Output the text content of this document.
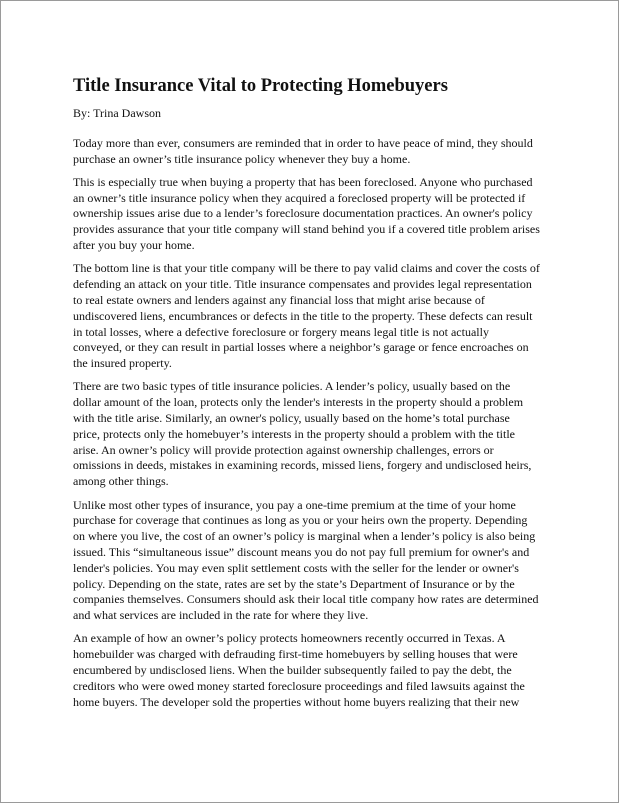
Title Insurance Vital to Protecting Homebuyers

By: Trina Dawson

Today more than ever, consumers are reminded that in order to have peace of mind, they should
purchase an owner’s title insurance policy whenever they buy a home.

This is especially true when buying a property that has been foreclosed. Anyone who purchased
an owner’s title insurance policy when they acquired a foreclosed property will be protected if
ownership issues arise due to a lender’s foreclosure documentation practices. An owner's policy
provides assurance that your title company will stand behind you if a covered title problem arises
after you buy your home.

The bottom line is that your title company will be there to pay valid claims and cover the costs of
defending an attack on your title. Title insurance compensates and provides legal representation
to real estate owners and lenders against any financial loss that might arise because of
undiscovered liens, encumbrances or defects in the title to the property. These defects can result
in total losses, where a defective foreclosure or forgery means legal title is not actually
conveyed, or they can result in partial losses where a neighbor’s garage or fence encroaches on
the insured property.

There are two basic types of title insurance policies. A lender’s policy, usually based on the
dollar amount of the loan, protects only the lender's interests in the property should a problem
with the title arise. Similarly, an owner's policy, usually based on the home’s total purchase
price, protects only the homebuyer’s interests in the property should a problem with the title
arise. An owner’s policy will provide protection against ownership challenges, errors or
omissions in deeds, mistakes in examining records, missed liens, forgery and undisclosed heirs,
among other things.

Unlike most other types of insurance, you pay a one-time premium at the time of your home
purchase for coverage that continues as long as you or your heirs own the property. Depending
on where you live, the cost of an owner’s policy is marginal when a lender’s policy is also being
issued. This “simultaneous issue” discount means you do not pay full premium for owner's and
lender's policies. You may even split settlement costs with the seller for the lender or owner's
policy. Depending on the state, rates are set by the state’s Department of Insurance or by the
companies themselves. Consumers should ask their local title company how rates are determined
and what services are included in the rate for where they live.

An example of how an owner’s policy protects homeowners recently occurred in Texas. A
homebuilder was charged with defrauding first-time homebuyers by selling houses that were
encumbered by undisclosed liens. When the builder subsequently failed to pay the debt, the
creditors who were owed money started foreclosure proceedings and filed lawsuits against the
home buyers. The developer sold the properties without home buyers realizing that their new
